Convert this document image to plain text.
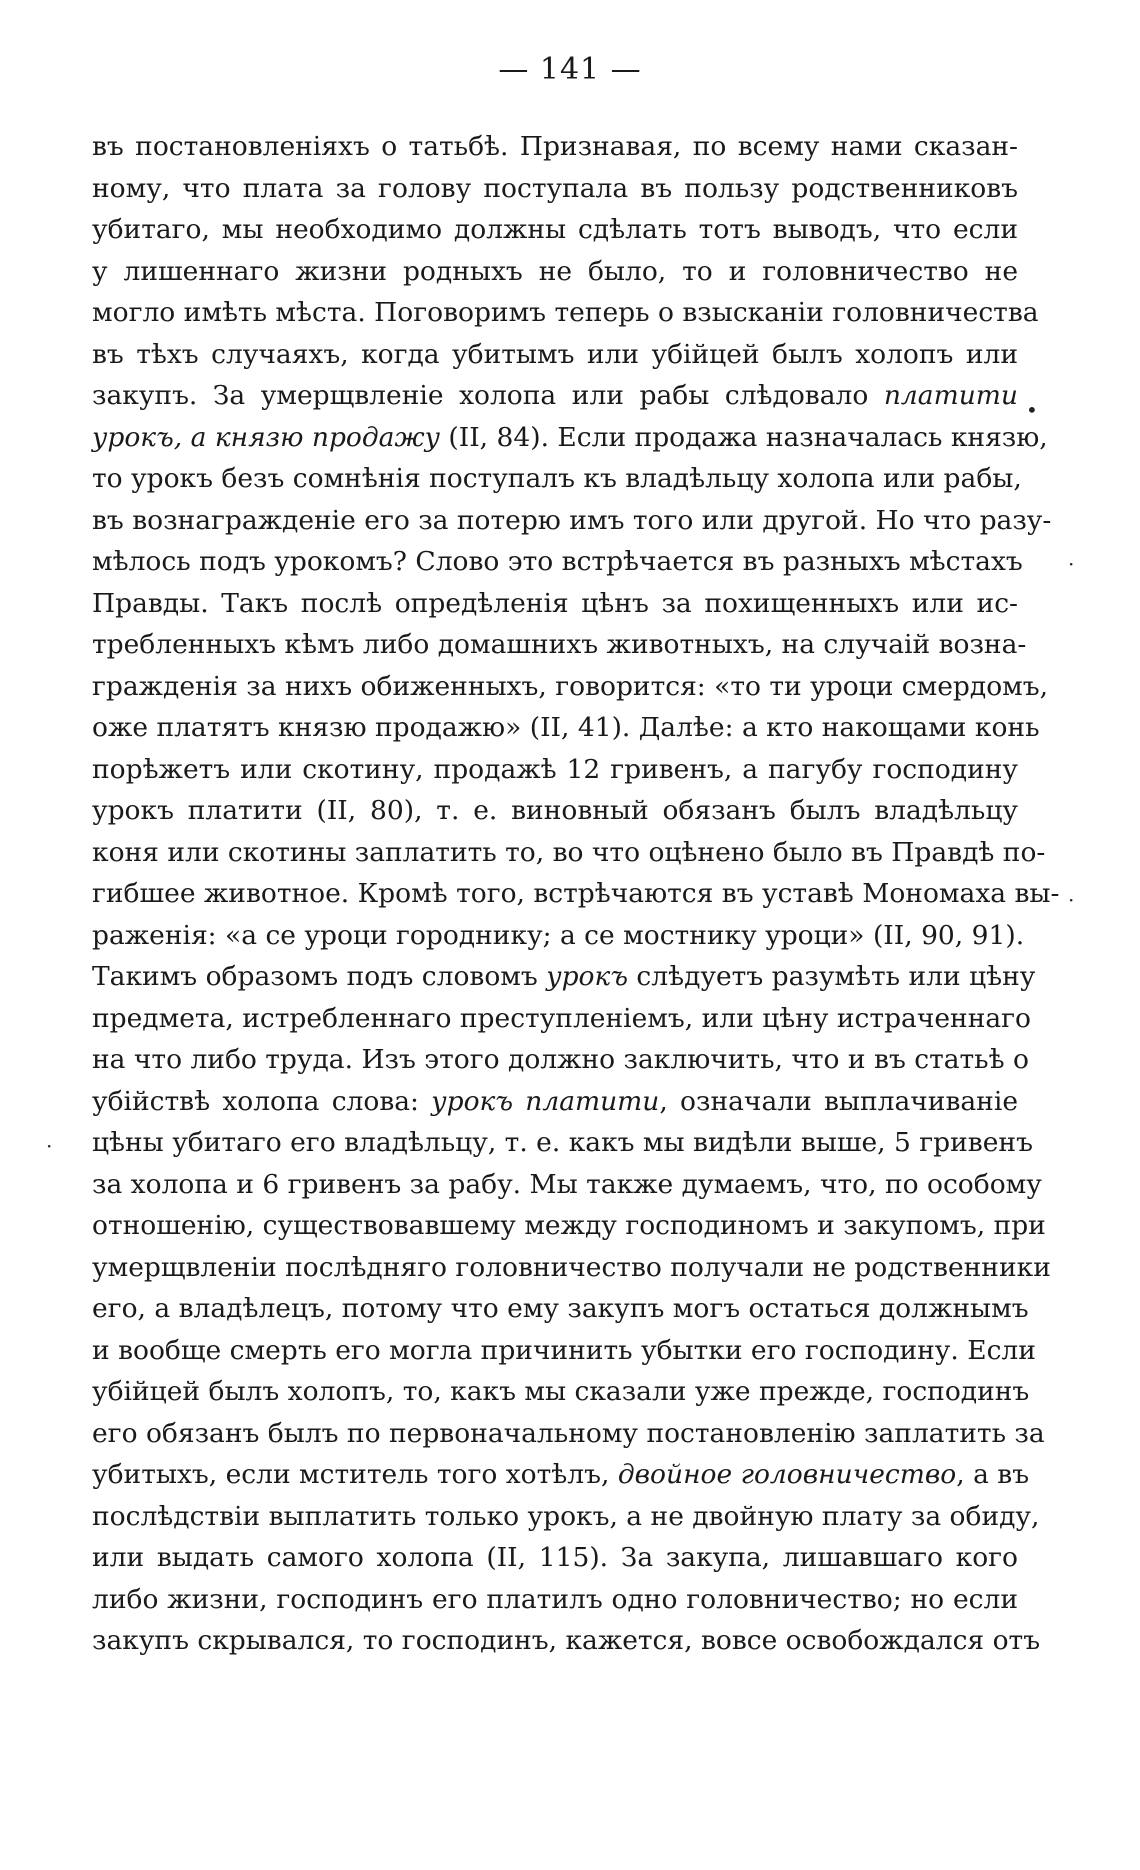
— 141 —
въ постановленіяхъ о татьбѣ. Признавая, по всему нами сказан-
ному, что плата за голову поступала въ пользу родственниковъ
убитаго, мы необходимо должны сдѣлать тотъ выводъ, что если
у лишеннаго жизни родныхъ не было, то и головничество не
могло имѣть мѣста. Поговоримъ теперь о взысканіи головничества
въ тѣхъ случаяхъ, когда убитымъ или убійцей былъ холопъ или
закупъ. За умерщвленіе холопа или рабы слѣдовало платити
урокъ, а князю продажу (II, 84). Если продажа назначалась князю,
то урокъ безъ сомнѣнія поступалъ къ владѣльцу холопа или рабы,
въ вознагражденіе его за потерю имъ того или другой. Но что разу-
мѣлось подъ урокомъ? Слово это встрѣчается въ разныхъ мѣстахъ
Правды. Такъ послѣ опредѣленія цѣнъ за похищенныхъ или ис-
требленныхъ кѣмъ либо домашнихъ животныхъ, на случаій возна-
гражденія за нихъ обиженныхъ, говорится: «то ти уроци смердомъ,
оже платятъ князю продажю» (II, 41). Далѣе: а кто накощами конь
порѣжетъ или скотину, продажѣ 12 гривенъ, а пагубу господину
урокъ платити (II, 80), т. е. виновный обязанъ былъ владѣльцу
коня или скотины заплатить то, во что оцѣнено было въ Правдѣ по-
гибшее животное. Кромѣ того, встрѣчаются въ уставѣ Мономаха вы-
раженія: «а се уроци городнику; а се мостнику уроци» (II, 90, 91).
Такимъ образомъ подъ словомъ урокъ слѣдуетъ разумѣть или цѣну
предмета, истребленнаго преступленіемъ, или цѣну истраченнаго
на что либо труда. Изъ этого должно заключить, что и въ статьѣ о
убійствѣ холопа слова: урокъ платити, означали выплачиваніе
цѣны убитаго его владѣльцу, т. е. какъ мы видѣли выше, 5 гривенъ
за холопа и 6 гривенъ за рабу. Мы также думаемъ, что, по особому
отношенію, существовавшему между господиномъ и закупомъ, при
умерщвленіи послѣдняго головничество получали не родственники
его, а владѣлецъ, потому что ему закупъ могъ остаться должнымъ
и вообще смерть его могла причинить убытки его господину. Если
убійцей былъ холопъ, то, какъ мы сказали уже прежде, господинъ
его обязанъ былъ по первоначальному постановленію заплатить за
убитыхъ, если мститель того хотѣлъ, двойное головничество, а въ
послѣдствіи выплатить только урокъ, а не двойную плату за обиду,
или выдать самого холопа (II, 115). За закупа, лишавшаго кого
либо жизни, господинъ его платилъ одно головничество; но если
закупъ скрывался, то господинъ, кажется, вовсе освобождался отъ
•
·
·
·
